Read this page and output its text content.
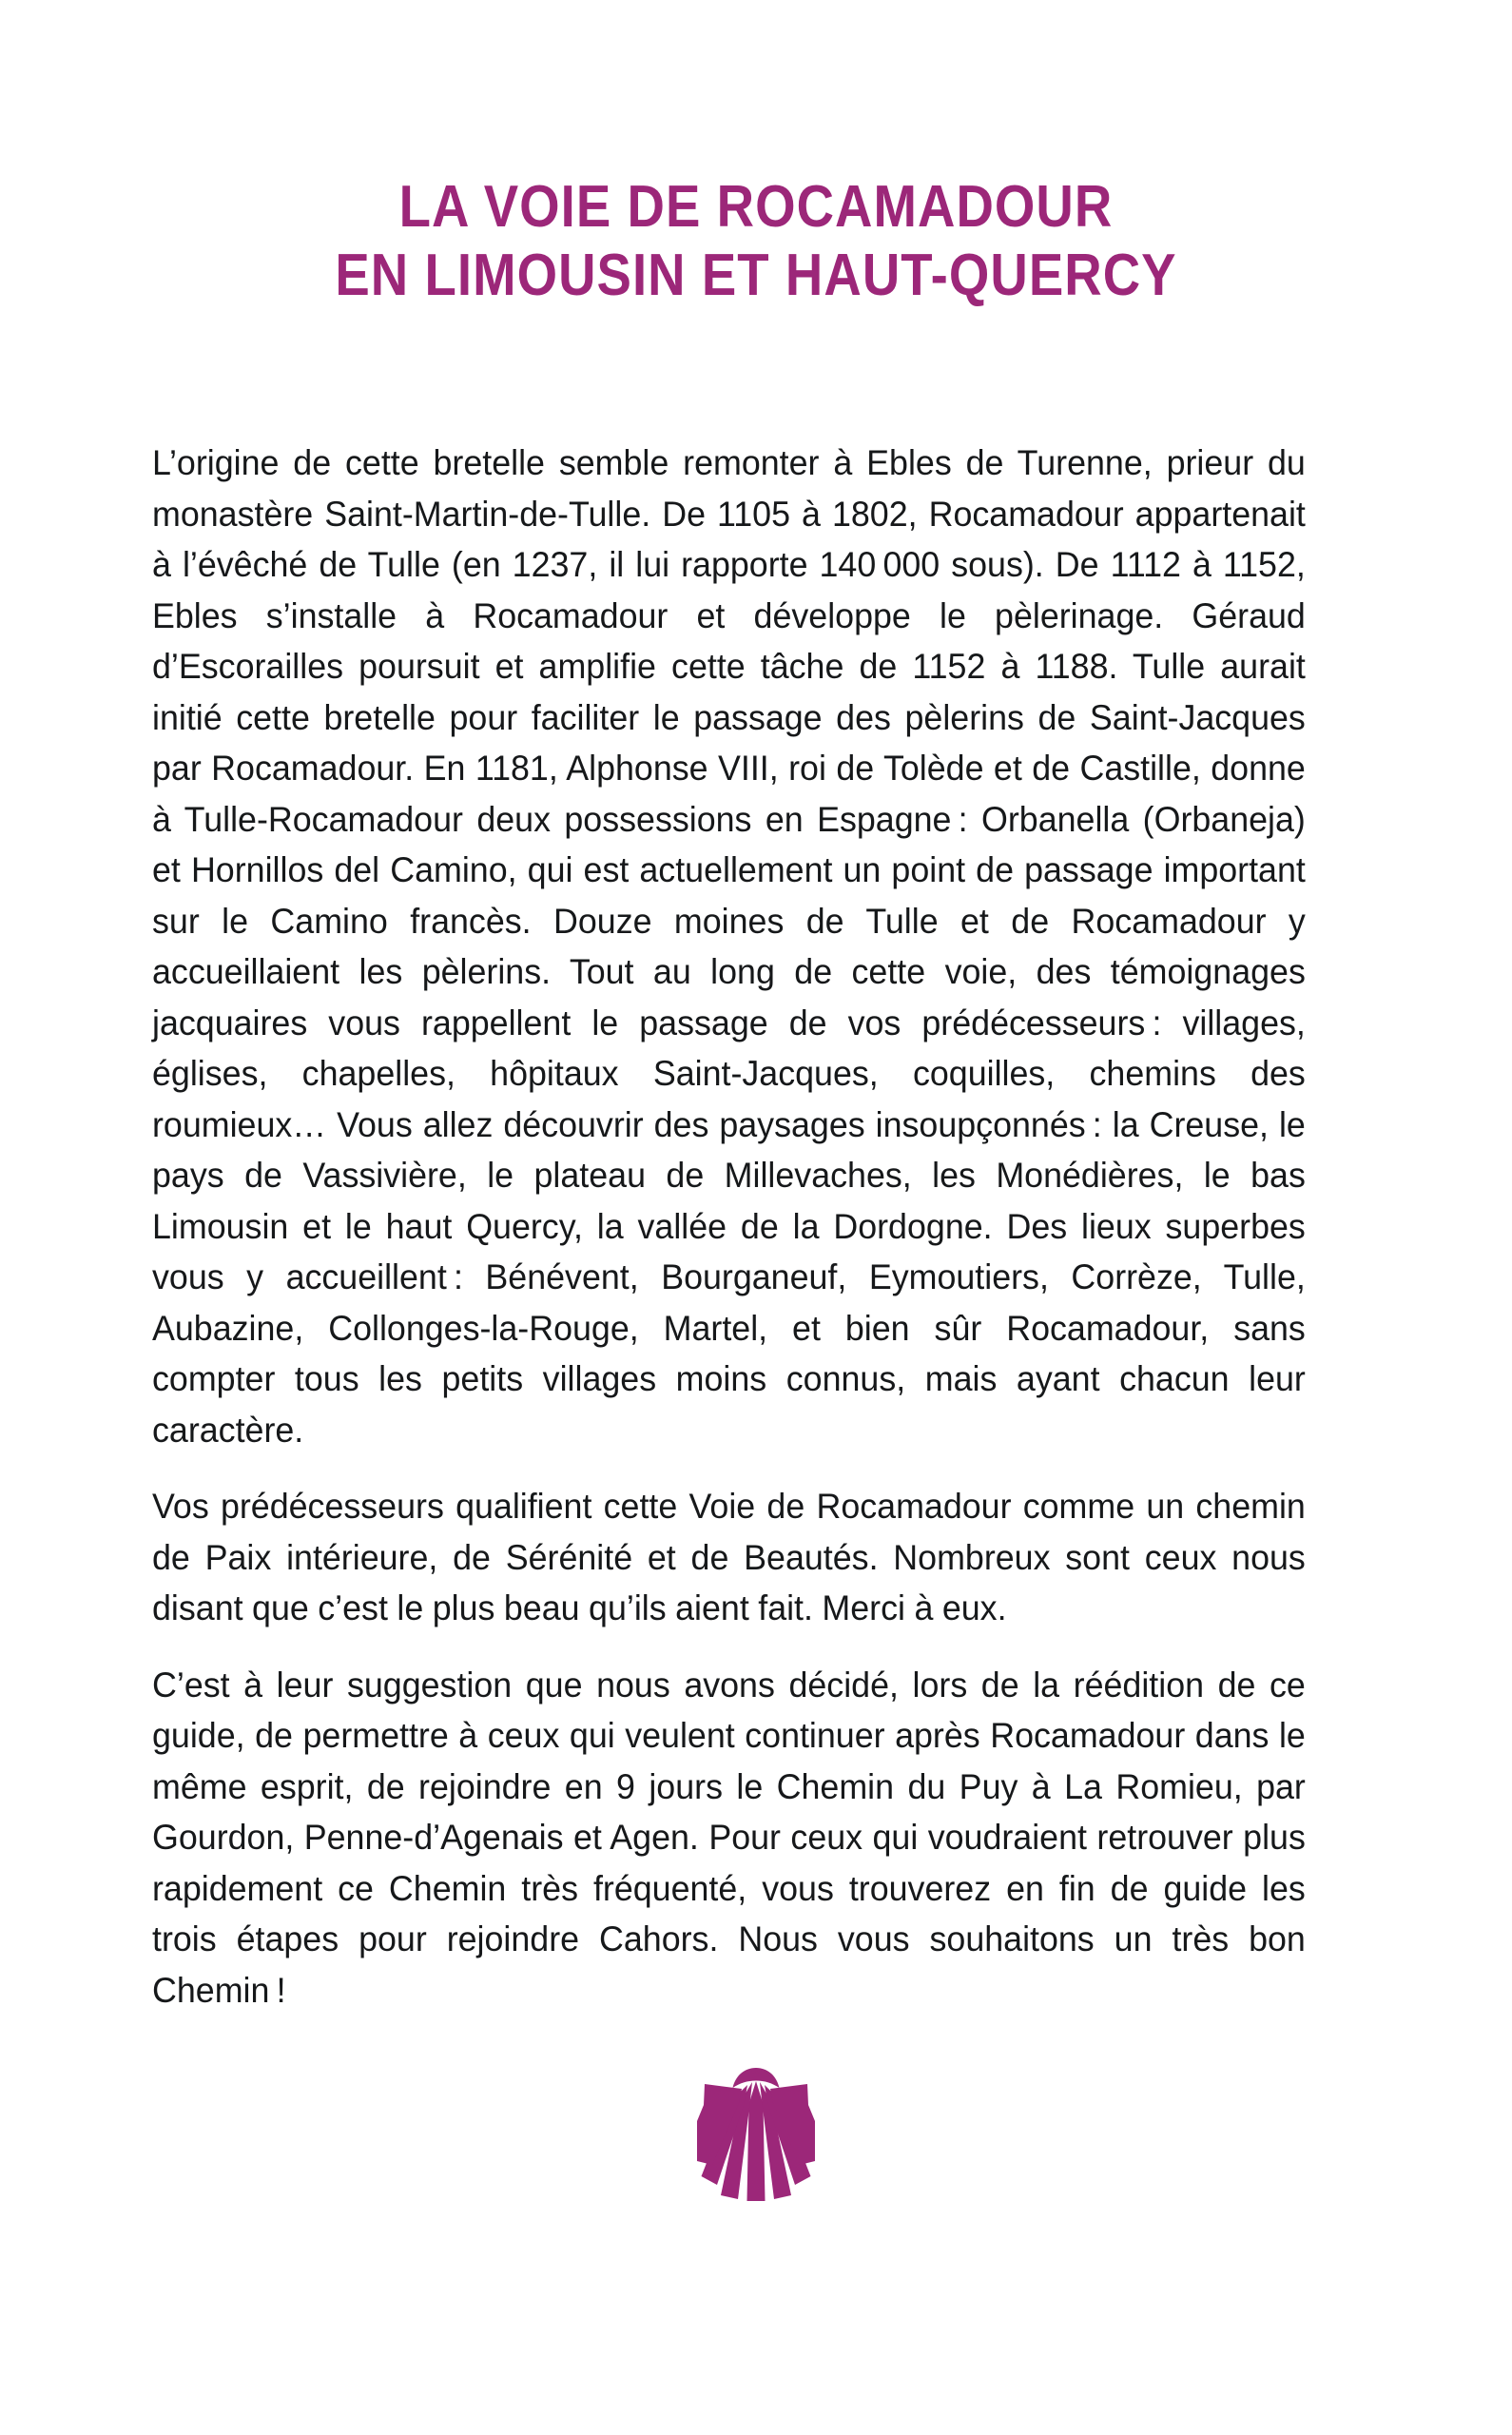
LA VOIE DE ROCAMADOUR
EN LIMOUSIN ET HAUT-QUERCY

L’origine de cette bretelle semble remonter à Ebles de Turenne, prieur du monastère Saint-Martin-de-Tulle. De 1105 à 1802, Rocamadour appartenait à l’évêché de Tulle (en 1237, il lui rapporte 140 000 sous). De 1112 à 1152, Ebles s’installe à Rocamadour et développe le pèlerinage. Géraud d’Escorailles poursuit et amplifie cette tâche de 1152 à 1188. Tulle aurait initié cette bretelle pour faciliter le passage des pèlerins de Saint-Jacques par Rocamadour. En 1181, Alphonse VIII, roi de Tolède et de Castille, donne à Tulle-Rocamadour deux possessions en Espagne : Orbanella (Orbaneja) et Hornillos del Camino, qui est actuellement un point de passage important sur le Camino francès. Douze moines de Tulle et de Rocamadour y accueillaient les pèlerins. Tout au long de cette voie, des témoignages jacquaires vous rappellent le passage de vos prédécesseurs : villages, églises, chapelles, hôpitaux Saint-Jacques, coquilles, chemins des roumieux… Vous allez découvrir des paysages insoupçonnés : la Creuse, le pays de Vassivière, le plateau de Millevaches, les Monédières, le bas Limousin et le haut Quercy, la vallée de la Dordogne. Des lieux superbes vous y accueillent : Bénévent, Bourganeuf, Eymoutiers, Corrèze, Tulle, Aubazine, Collonges-la-Rouge, Martel, et bien sûr Rocamadour, sans compter tous les petits villages moins connus, mais ayant chacun leur caractère.

Vos prédécesseurs qualifient cette Voie de Rocamadour comme un chemin de Paix intérieure, de Sérénité et de Beautés. Nombreux sont ceux nous disant que c’est le plus beau qu’ils aient fait. Merci à eux.

C’est à leur suggestion que nous avons décidé, lors de la réédition de ce guide, de permettre à ceux qui veulent continuer après Rocamadour dans le même esprit, de rejoindre en 9 jours le Chemin du Puy à La Romieu, par Gourdon, Penne-d’Agenais et Agen. Pour ceux qui voudraient retrouver plus rapidement ce Chemin très fréquenté, vous trouverez en fin de guide les trois étapes pour rejoindre Cahors. Nous vous souhaitons un très bon Chemin !
